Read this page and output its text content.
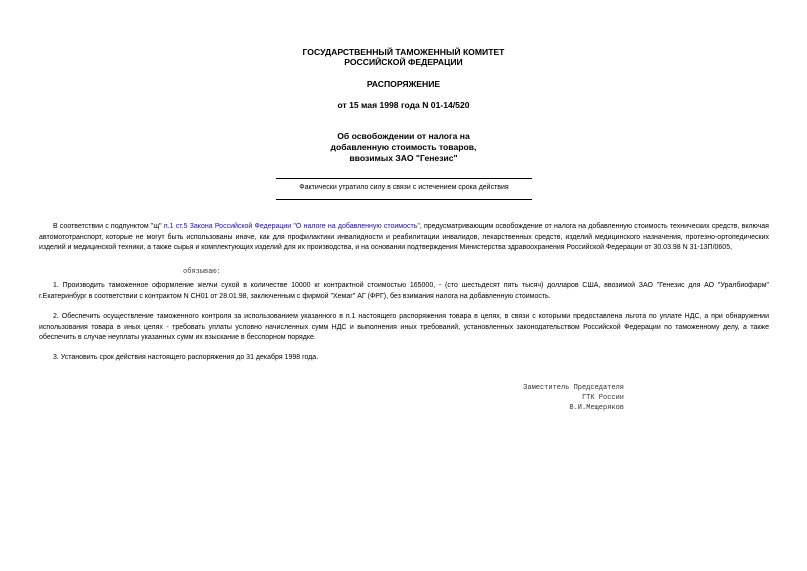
ГОСУДАРСТВЕННЫЙ ТАМОЖЕННЫЙ КОМИТЕТ
РОССИЙСКОЙ ФЕДЕРАЦИИ
РАСПОРЯЖЕНИЕ
от 15 мая 1998 года N 01-14/520
Об освобождении от налога на
добавленную стоимость товаров,
ввозимых ЗАО "Генезис"
Фактически утратило силу в связи с истечением срока действия
В соответствии с подпунктом "щ" п.1 ст.5 Закона Российской Федерации "О налоге на добавленную стоимость", предусматривающим освобождение от налога на добавленную стоимость технических средств, включая автомототранспорт, которые не могут быть использованы иначе, как для профилактики инвалидности и реабилитации инвалидов, лекарственных средств, изделий медицинского назначения, протезно-ортопедических изделий и медицинской техники, а также сырья и комплектующих изделий для их производства, и на основании подтверждения Министерства здравоохранения Российской Федерации от 30.03.98 N 31-13П/0605,
обязываю:
1. Производить таможенное оформление желчи сухой в количестве 10000 кг контрактной стоимостью 165000, - (сто шестьдесят пять тысяч) долларов США, ввозимой ЗАО "Генезис для АО "Уралбиофарм" г.Екатеринбург в соответствии с контрактом N CH01 от 28.01.98, заключенным с фирмой "Хемаг" АГ (ФРГ), без взимания налога на добавленную стоимость.
2. Обеспечить осуществление таможенного контроля за использованием указанного в п.1 настоящего распоряжения товара в целях, в связи с которыми предоставлена льгота по уплате НДС, а при обнаружении использования товара в иных целях - требовать уплаты условно начисленных сумм НДС и выполнения иных требований, установленных законодательством Российской Федерации по таможенному делу, а также обеспечить в случае неуплаты указанных сумм их взыскание в бесспорном порядке.
3. Установить срок действия настоящего распоряжения до 31 декабря 1998 года.
Заместитель Председателя
ГТК России
В.И.Мещеряков
